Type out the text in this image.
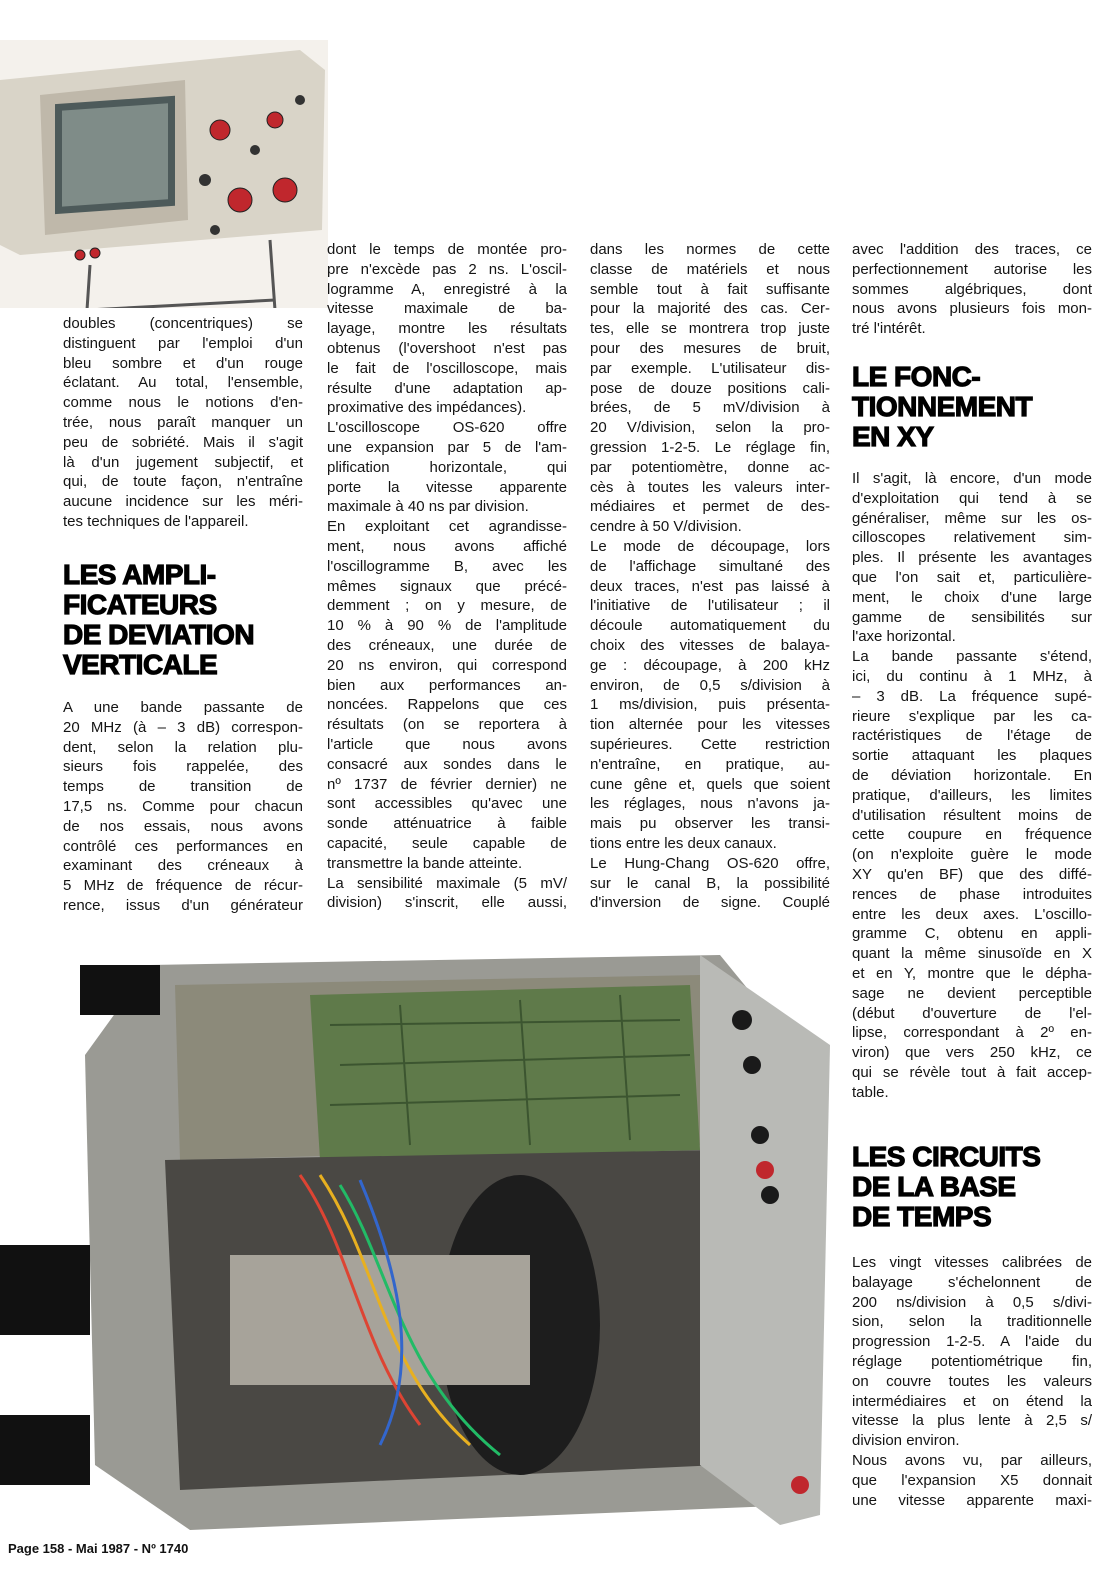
doubles (concentriques) se
distinguent par l'emploi d'un
bleu sombre et d'un rouge
éclatant. Au total, l'ensemble,
comme nous le notions d'en-
trée, nous paraît manquer un
peu de sobriété. Mais il s'agit
là d'un jugement subjectif, et
qui, de toute façon, n'entraîne
aucune incidence sur les méri-
tes techniques de l'appareil.
LES AMPLI-
FICATEURS
DE DEVIATION
VERTICALE
A une bande passante de
20 MHz (à – 3 dB) correspon-
dent, selon la relation plu-
sieurs fois rappelée, des
temps de transition de
17,5 ns. Comme pour chacun
de nos essais, nous avons
contrôlé ces performances en
examinant des créneaux à
5 MHz de fréquence de récur-
rence, issus d'un générateur
dont le temps de montée pro-
pre n'excède pas 2 ns. L'oscil-
logramme A, enregistré à la
vitesse maximale de ba-
layage, montre les résultats
obtenus (l'overshoot n'est pas
le fait de l'oscilloscope, mais
résulte d'une adaptation ap-
proximative des impédances).
L'oscilloscope OS-620 offre
une expansion par 5 de l'am-
plification horizontale, qui
porte la vitesse apparente
maximale à 40 ns par division.
En exploitant cet agrandisse-
ment, nous avons affiché
l'oscillogramme B, avec les
mêmes signaux que précé-
demment ; on y mesure, de
10 % à 90 % de l'amplitude
des créneaux, une durée de
20 ns environ, qui correspond
bien aux performances an-
noncées. Rappelons que ces
résultats (on se reportera à
l'article que nous avons
consacré aux sondes dans le
nº 1737 de février dernier) ne
sont accessibles qu'avec une
sonde atténuatrice à faible
capacité, seule capable de
transmettre la bande atteinte.
La sensibilité maximale (5 mV/
division) s'inscrit, elle aussi,
dans les normes de cette
classe de matériels et nous
semble tout à fait suffisante
pour la majorité des cas. Cer-
tes, elle se montrera trop juste
pour des mesures de bruit,
par exemple. L'utilisateur dis-
pose de douze positions cali-
brées, de 5 mV/division à
20 V/division, selon la pro-
gression 1-2-5. Le réglage fin,
par potentiomètre, donne ac-
cès à toutes les valeurs inter-
médiaires et permet de des-
cendre à 50 V/division.
Le mode de découpage, lors
de l'affichage simultané des
deux traces, n'est pas laissé à
l'initiative de l'utilisateur ; il
découle automatiquement du
choix des vitesses de balaya-
ge : découpage, à 200 kHz
environ, de 0,5 s/division à
1 ms/division, puis présenta-
tion alternée pour les vitesses
supérieures. Cette restriction
n'entraîne, en pratique, au-
cune gêne et, quels que soient
les réglages, nous n'avons ja-
mais pu observer les transi-
tions entre les deux canaux.
Le Hung-Chang OS-620 offre,
sur le canal B, la possibilité
d'inversion de signe. Couplé
avec l'addition des traces, ce
perfectionnement autorise les
sommes algébriques, dont
nous avons plusieurs fois mon-
tré l'intérêt.
LE FONC-
TIONNEMENT
EN XY
Il s'agit, là encore, d'un mode
d'exploitation qui tend à se
généraliser, même sur les os-
cilloscopes relativement sim-
ples. Il présente les avantages
que l'on sait et, particulière-
ment, le choix d'une large
gamme de sensibilités sur
l'axe horizontal.
La bande passante s'étend,
ici, du continu à 1 MHz, à
– 3 dB. La fréquence supé-
rieure s'explique par les ca-
ractéristiques de l'étage de
sortie attaquant les plaques
de déviation horizontale. En
pratique, d'ailleurs, les limites
d'utilisation résultent moins de
cette coupure en fréquence
(on n'exploite guère le mode
XY qu'en BF) que des diffé-
rences de phase introduites
entre les deux axes. L'oscillo-
gramme C, obtenu en appli-
quant la même sinusoïde en X
et en Y, montre que le dépha-
sage ne devient perceptible
(début d'ouverture de l'el-
lipse, correspondant à 2º en-
viron) que vers 250 kHz, ce
qui se révèle tout à fait accep-
table.
LES CIRCUITS
DE LA BASE
DE TEMPS
Les vingt vitesses calibrées de
balayage s'échelonnent de
200 ns/division à 0,5 s/divi-
sion, selon la traditionnelle
progression 1-2-5. A l'aide du
réglage potentiométrique fin,
on couvre toutes les valeurs
intermédiaires et on étend la
vitesse la plus lente à 2,5 s/
division environ.
Nous avons vu, par ailleurs,
que l'expansion X5 donnait
une vitesse apparente maxi-
Page 158 - Mai 1987 - Nº 1740
